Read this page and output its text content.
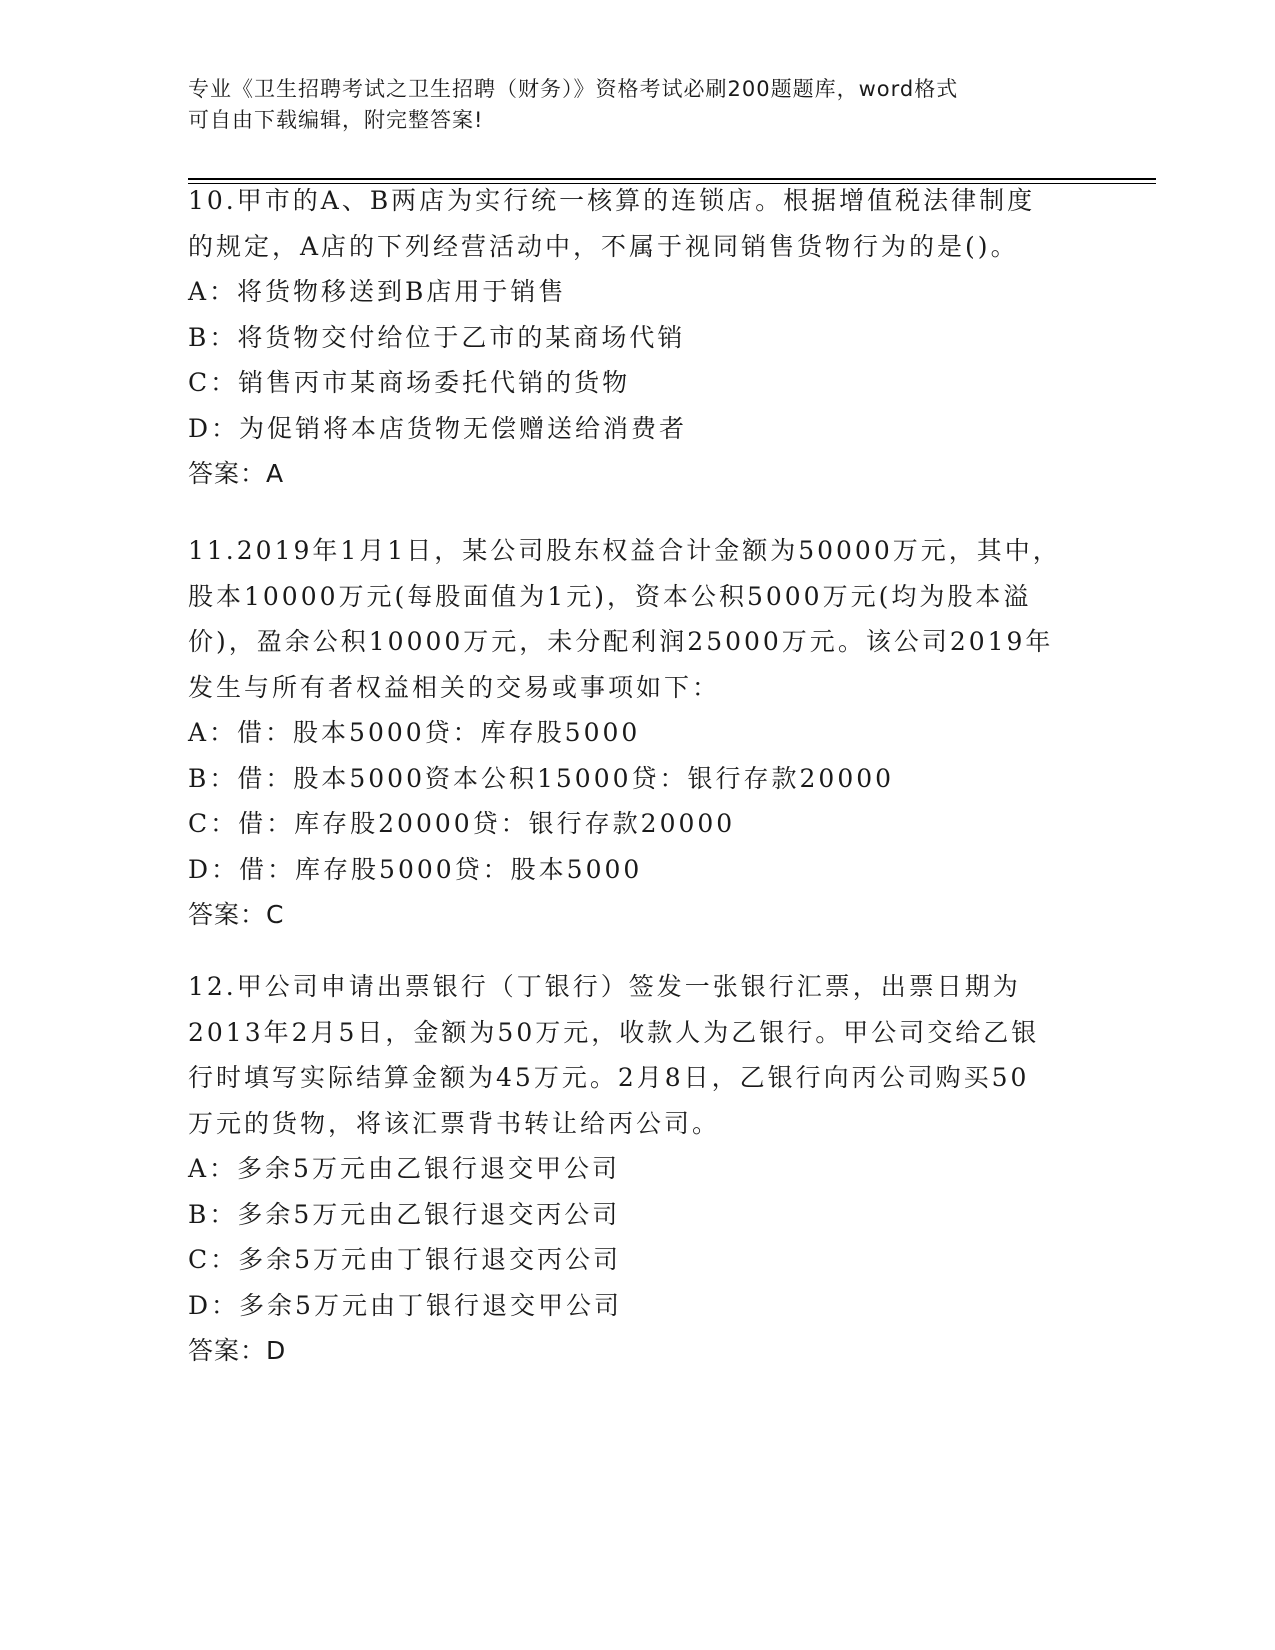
专业《卫生招聘考试之卫生招聘（财务）》资格考试必刷200题题库，word格式
可自由下载编辑，附完整答案!
10.甲市的A、B两店为实行统一核算的连锁店。根据增值税法律制度
的规定，A店的下列经营活动中，不属于视同销售货物行为的是()。
A：将货物移送到B店用于销售
B：将货物交付给位于乙市的某商场代销
C：销售丙市某商场委托代销的货物
D：为促销将本店货物无偿赠送给消费者
答案：A
11.2019年1月1日，某公司股东权益合计金额为50000万元，其中，
股本10000万元(每股面值为1元)，资本公积5000万元(均为股本溢
价)，盈余公积10000万元，未分配利润25000万元。该公司2019年
发生与所有者权益相关的交易或事项如下：
A：借：股本5000贷：库存股5000
B：借：股本5000资本公积15000贷：银行存款20000
C：借：库存股20000贷：银行存款20000
D：借：库存股5000贷：股本5000
答案：C
12.甲公司申请出票银行（丁银行）签发一张银行汇票，出票日期为
2013年2月5日，金额为50万元，收款人为乙银行。甲公司交给乙银
行时填写实际结算金额为45万元。2月8日，乙银行向丙公司购买50
万元的货物，将该汇票背书转让给丙公司。
A：多余5万元由乙银行退交甲公司
B：多余5万元由乙银行退交丙公司
C：多余5万元由丁银行退交丙公司
D：多余5万元由丁银行退交甲公司
答案：D
